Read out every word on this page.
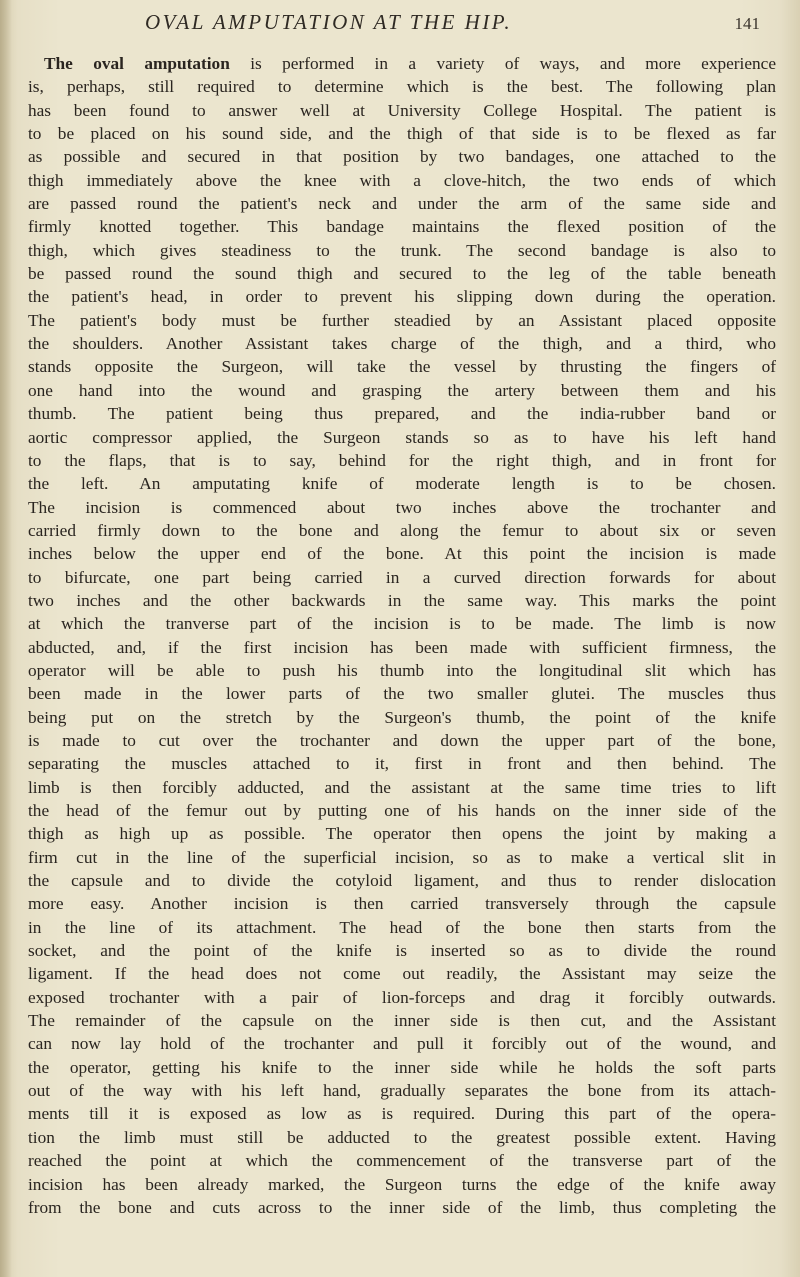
OVAL AMPUTATION AT THE HIP.	141
The oval amputation is performed in a variety of ways, and more experience
is, perhaps, still required to determine which is the best. The following plan
has been found to answer well at University College Hospital. The patient is
to be placed on his sound side, and the thigh of that side is to be flexed as far
as possible and secured in that position by two bandages, one attached to the
thigh immediately above the knee with a clove-hitch, the two ends of which
are passed round the patient's neck and under the arm of the same side and
firmly knotted together. This bandage maintains the flexed position of the
thigh, which gives steadiness to the trunk. The second bandage is also to
be passed round the sound thigh and secured to the leg of the table beneath
the patient's head, in order to prevent his slipping down during the operation.
The patient's body must be further steadied by an Assistant placed opposite
the shoulders. Another Assistant takes charge of the thigh, and a third, who
stands opposite the Surgeon, will take the vessel by thrusting the fingers of
one hand into the wound and grasping the artery between them and his
thumb. The patient being thus prepared, and the india-rubber band or
aortic compressor applied, the Surgeon stands so as to have his left hand
to the flaps, that is to say, behind for the right thigh, and in front for
the left. An amputating knife of moderate length is to be chosen.
The incision is commenced about two inches above the trochanter and
carried firmly down to the bone and along the femur to about six or seven
inches below the upper end of the bone. At this point the incision is made
to bifurcate, one part being carried in a curved direction forwards for about
two inches and the other backwards in the same way. This marks the point
at which the tranverse part of the incision is to be made. The limb is now
abducted, and, if the first incision has been made with sufficient firmness, the
operator will be able to push his thumb into the longitudinal slit which has
been made in the lower parts of the two smaller glutei. The muscles thus
being put on the stretch by the Surgeon's thumb, the point of the knife
is made to cut over the trochanter and down the upper part of the bone,
separating the muscles attached to it, first in front and then behind. The
limb is then forcibly adducted, and the assistant at the same time tries to lift
the head of the femur out by putting one of his hands on the inner side of the
thigh as high up as possible. The operator then opens the joint by making a
firm cut in the line of the superficial incision, so as to make a vertical slit in
the capsule and to divide the cotyloid ligament, and thus to render dislocation
more easy. Another incision is then carried transversely through the capsule
in the line of its attachment. The head of the bone then starts from the
socket, and the point of the knife is inserted so as to divide the round
ligament. If the head does not come out readily, the Assistant may seize the
exposed trochanter with a pair of lion-forceps and drag it forcibly outwards.
The remainder of the capsule on the inner side is then cut, and the Assistant
can now lay hold of the trochanter and pull it forcibly out of the wound, and
the operator, getting his knife to the inner side while he holds the soft parts
out of the way with his left hand, gradually separates the bone from its attach-
ments till it is exposed as low as is required. During this part of the opera-
tion the limb must still be adducted to the greatest possible extent. Having
reached the point at which the commencement of the transverse part of the
incision has been already marked, the Surgeon turns the edge of the knife away
from the bone and cuts across to the inner side of the limb, thus completing the
